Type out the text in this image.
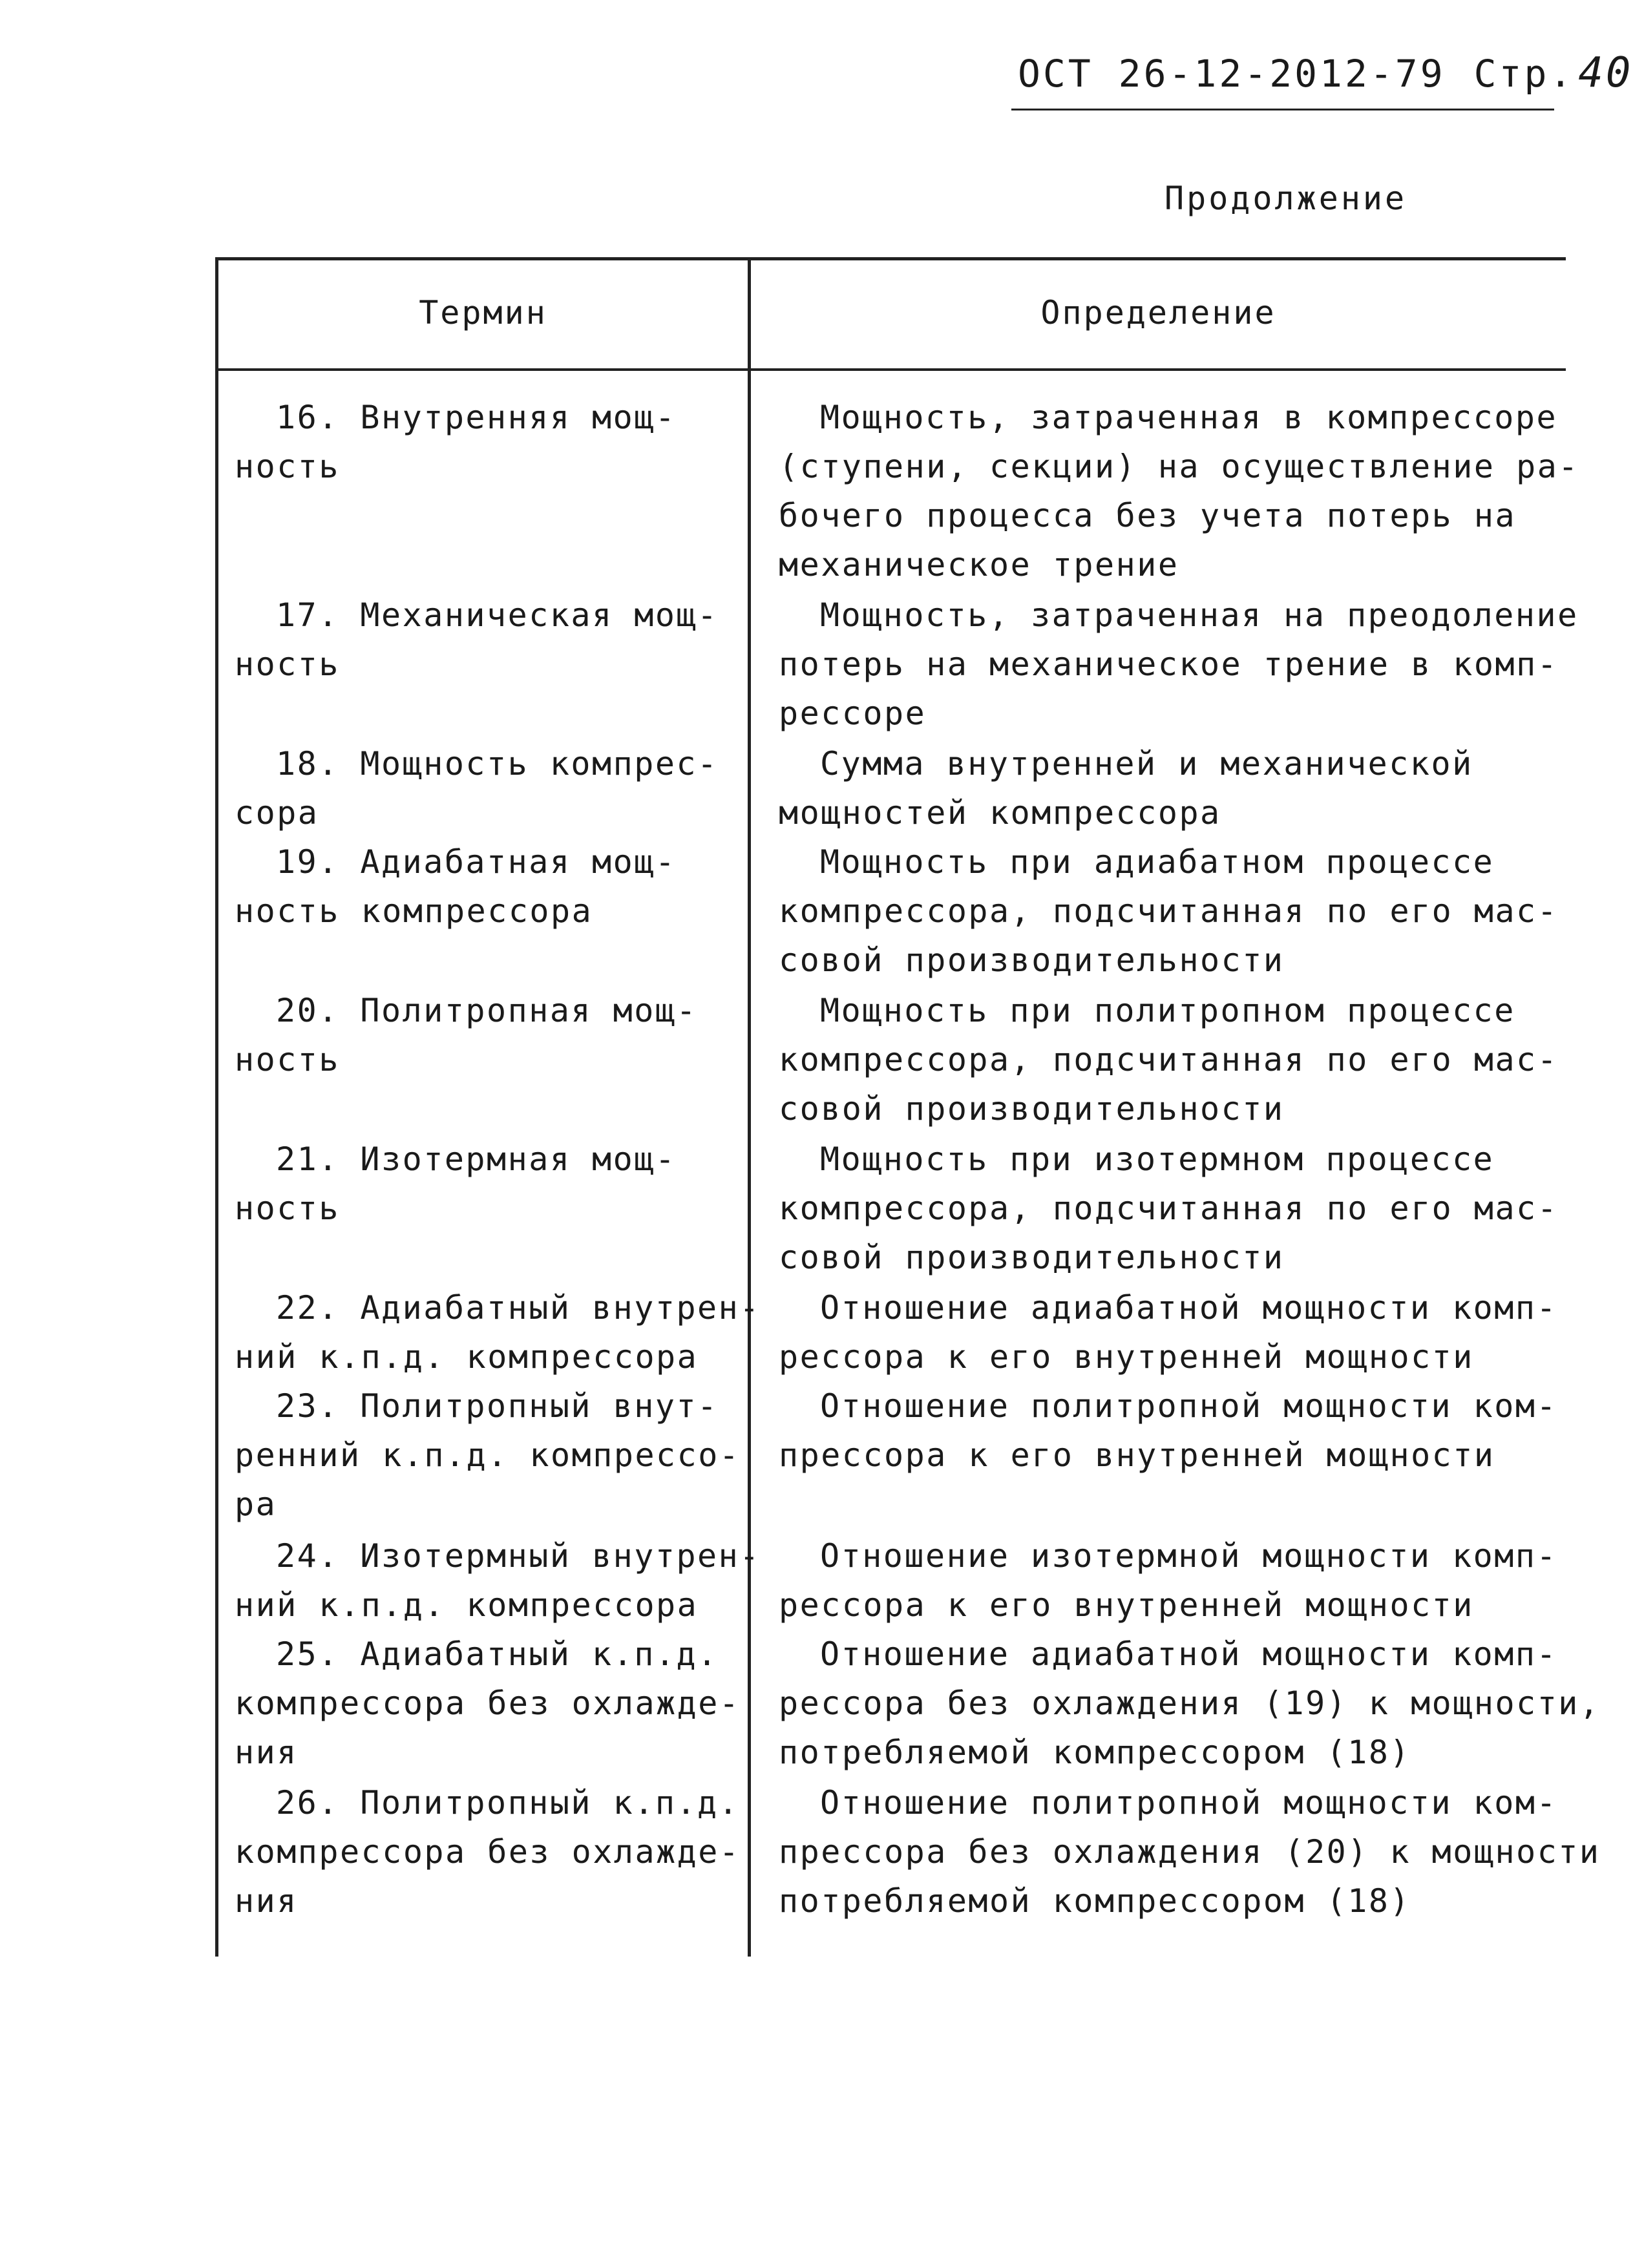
ОСТ 26-12-2012-79 Стр.40
Продолжение
Термин	Определение
16. Внутренняя мощ-
ность
Мощность, затраченная в компрессоре
(ступени, секции) на осуществление ра-
бочего процесса без учета потерь на
механическое трение
17. Механическая мощ-
ность
Мощность, затраченная на преодоление
потерь на механическое трение в комп-
рессоре
18. Мощность компрес-
сора
Сумма внутренней и механической
мощностей компрессора
19. Адиабатная мощ-
ность компрессора
Мощность при адиабатном процессе
компрессора, подсчитанная по его мас-
совой производительности
20. Политропная мощ-
ность
Мощность при политропном процессе
компрессора, подсчитанная по его мас-
совой производительности
21. Изотермная мощ-
ность
Мощность при изотермном процессе
компрессора, подсчитанная по его мас-
совой производительности
22. Адиабатный внутрен-
ний к.п.д. компрессора
Отношение адиабатной мощности комп-
рессора к его внутренней мощности
23. Политропный внут-
ренний к.п.д. компрессо-
ра
Отношение политропной мощности ком-
прессора к его внутренней мощности
24. Изотермный внутрен-
ний к.п.д. компрессора
Отношение изотермной мощности комп-
рессора к его внутренней мощности
25. Адиабатный к.п.д.
компрессора без охлажде-
ния
Отношение адиабатной мощности комп-
рессора без охлаждения (19) к мощности,
потребляемой компрессором (18)
26. Политропный к.п.д.
компрессора без охлажде-
ния
Отношение политропной мощности ком-
прессора без охлаждения (20) к мощности
потребляемой компрессором (18)
